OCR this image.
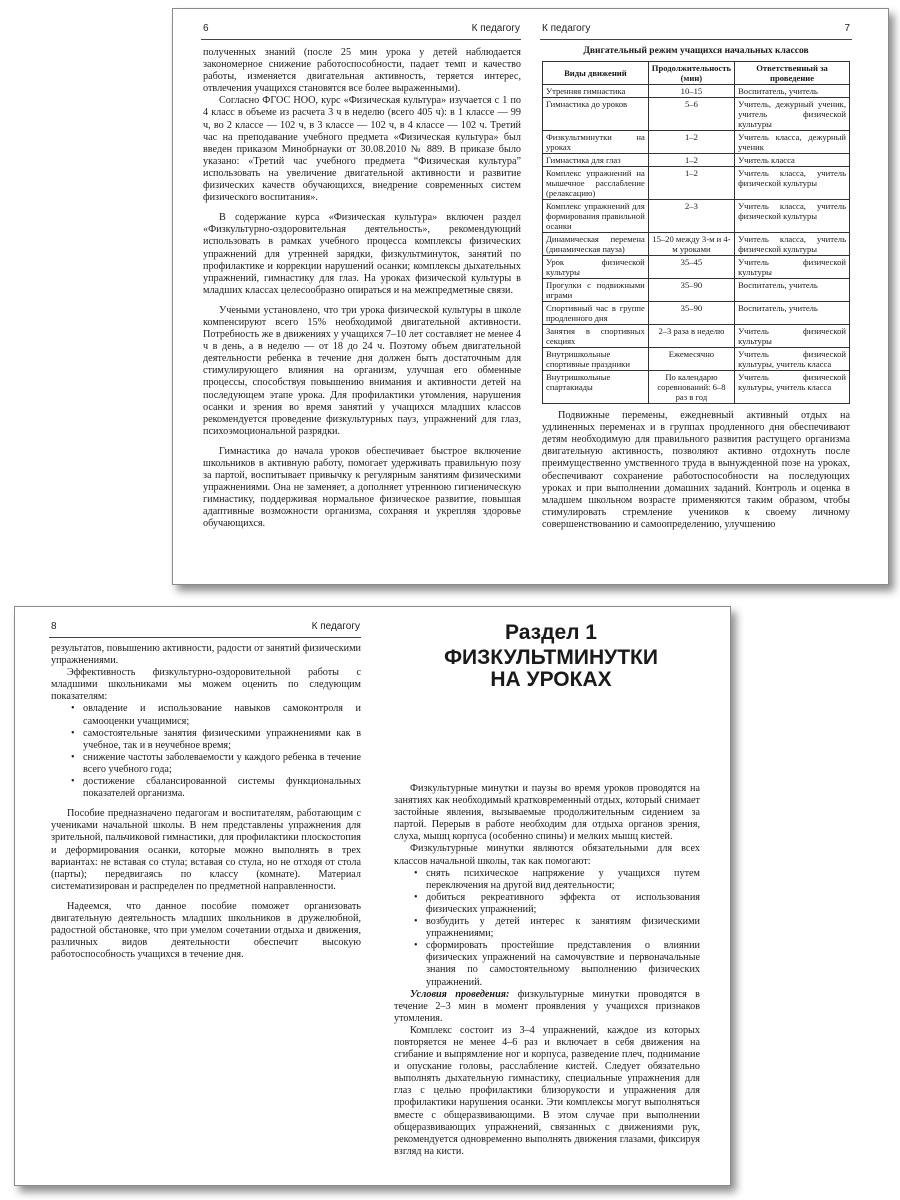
6	К педагогу

полученных знаний (после 25 мин урока у детей наблюдается закономерное снижение работоспособности, падает темп и качество работы, изменяется двигательная активность, теряется интерес, отвлечения учащихся становятся все более выраженными).

Согласно ФГОС НОО, курс «Физическая культура» изучается с 1 по 4 класс в объеме из расчета 3 ч в неделю (всего 405 ч): в 1 классе — 99 ч, во 2 классе — 102 ч, в 3 классе — 102 ч, в 4 классе — 102 ч. Третий час на преподавание учебного предмета «Физическая культура» был введен приказом Минобрнауки от 30.08.2010 № 889. В приказе было указано: «Третий час учебного предмета “Физическая культура” использовать на увеличение двигательной активности и развитие физических качеств обучающихся, внедрение современных систем физического воспитания».

В содержание курса «Физическая культура» включен раздел «Физкультурно-оздоровительная деятельность», рекомендующий использовать в рамках учебного процесса комплексы физических упражнений для утренней зарядки, физкультминуток, занятий по профилактике и коррекции нарушений осанки; комплексы дыхательных упражнений, гимнастику для глаз. На уроках физической культуры в младших классах целесообразно опираться и на межпредметные связи.

Учеными установлено, что три урока физической культуры в школе компенсируют всего 15% необходимой двигательной активности. Потребность же в движениях у учащихся 7–10 лет составляет не менее 4 ч в день, а в неделю — от 18 до 24 ч. Поэтому объем двигательной деятельности ребенка в течение дня должен быть достаточным для стимулирующего влияния на организм, улучшая его обменные процессы, способствуя повышению внимания и активности детей на последующем этапе урока. Для профилактики утомления, нарушения осанки и зрения во время занятий у учащихся младших классов рекомендуется проведение физкультурных пауз, упражнений для глаз, психоэмоциональной разрядки.

Гимнастика до начала уроков обеспечивает быстрое включение школьников в активную работу, помогает удерживать правильную позу за партой, воспитывает привычку к регулярным занятиям физическими упражнениями. Она не заменяет, а дополняет утреннюю гигиеническую гимнастику, поддерживая нормальное физическое развитие, повышая адаптивные возможности организма, сохраняя и укрепляя здоровье обучающихся.

К педагогу	7
Двигательный режим учащихся начальных классов
Виды движений	Продолжительность (мин)	Ответственный за проведение
Утренняя гимнастика	10–15	Воспитатель, учитель
Гимнастика до уроков	5–6	Учитель, дежурный ученик, учитель физической культуры
Физкультминутки на уроках	1–2	Учитель класса, дежурный ученик
Гимнастика для глаз	1–2	Учитель класса
Комплекс упражнений на мышечное расслабление (релаксацию)	1–2	Учитель класса, учитель физической культуры
Комплекс упражнений для формирования правильной осанки	2–3	Учитель класса, учитель физической культуры
Динамическая перемена (динамическая пауза)	15–20 между 3-м и 4-м уроками	Учитель класса, учитель физической культуры
Урок физической культуры	35–45	Учитель физической культуры
Прогулки с подвижными играми	35–90	Воспитатель, учитель
Спортивный час в группе продленного дня	35–90	Воспитатель, учитель
Занятия в спортивных секциях	2–3 раза в неделю	Учитель физической культуры
Внутришкольные спортивные праздники	Ежемесячно	Учитель физической культуры, учитель класса
Внутришкольные спартакиады	По календарю соревнований: 6–8 раз в год	Учитель физической культуры, учитель класса

Подвижные перемены, ежедневный активный отдых на удлиненных переменах и в группах продленного дня обеспечивают детям необходимую для правильного развития растущего организма двигательную активность, позволяют активно отдохнуть после преимущественно умственного труда в вынужденной позе на уроках, обеспечивают сохранение работоспособности на последующих уроках и при выполнении домашних заданий. Контроль и оценка в младшем школьном возрасте применяются таким образом, чтобы стимулировать стремление учеников к своему личному совершенствованию и самоопределению, улучшению

8	К педагогу

результатов, повышению активности, радости от занятий физическими упражнениями.

Эффективность физкультурно-оздоровительной работы с младшими школьниками мы можем оценить по следующим показателям:

• овладение и использование навыков самоконтроля и самооценки учащимися;
• самостоятельные занятия физическими упражнениями как в учебное, так и в неучебное время;
• снижение частоты заболеваемости у каждого ребенка в течение всего учебного года;
• достижение сбалансированной системы функциональных показателей организма.

Пособие предназначено педагогам и воспитателям, работающим с учениками начальной школы. В нем представлены упражнения для зрительной, пальчиковой гимнастики, для профилактики плоскостопия и деформирования осанки, которые можно выполнять в трех вариантах: не вставая со стула; вставая со стула, но не отходя от стола (парты); передвигаясь по классу (комнате). Материал систематизирован и распределен по предметной направленности.

Надеемся, что данное пособие поможет организовать двигательную деятельность младших школьников в дружелюбной, радостной обстановке, что при умелом сочетании отдыха и движения, различных видов деятельности обеспечит высокую работоспособность учащихся в течение дня.

Раздел 1
ФИЗКУЛЬТМИНУТКИ
НА УРОКАХ

Физкультурные минутки и паузы во время уроков проводятся на занятиях как необходимый кратковременный отдых, который снимает застойные явления, вызываемые продолжительным сидением за партой. Перерыв в работе необходим для отдыха органов зрения, слуха, мышц корпуса (особенно спины) и мелких мышц кистей.

Физкультурные минутки являются обязательными для всех классов начальной школы, так как помогают:

• снять психическое напряжение у учащихся путем переключения на другой вид деятельности;
• добиться рекреативного эффекта от использования физических упражнений;
• возбудить у детей интерес к занятиям физическими упражнениями;
• сформировать простейшие представления о влиянии физических упражнений на самочувствие и первоначальные знания по самостоятельному выполнению физических упражнений.

Условия проведения: физкультурные минутки проводятся в течение 2–3 мин в момент проявления у учащихся признаков утомления.

Комплекс состоит из 3–4 упражнений, каждое из которых повторяется не менее 4–6 раз и включает в себя движения на сгибание и выпрямление ног и корпуса, разведение плеч, поднимание и опускание головы, расслабление кистей. Следует обязательно выполнять дыхательную гимнастику, специальные упражнения для глаз с целью профилактики близорукости и упражнения для профилактики нарушения осанки. Эти комплексы могут выполняться вместе с общеразвивающими. В этом случае при выполнении общеразвивающих упражнений, связанных с движениями рук, рекомендуется одновременно выполнять движения глазами, фиксируя взгляд на кисти.
